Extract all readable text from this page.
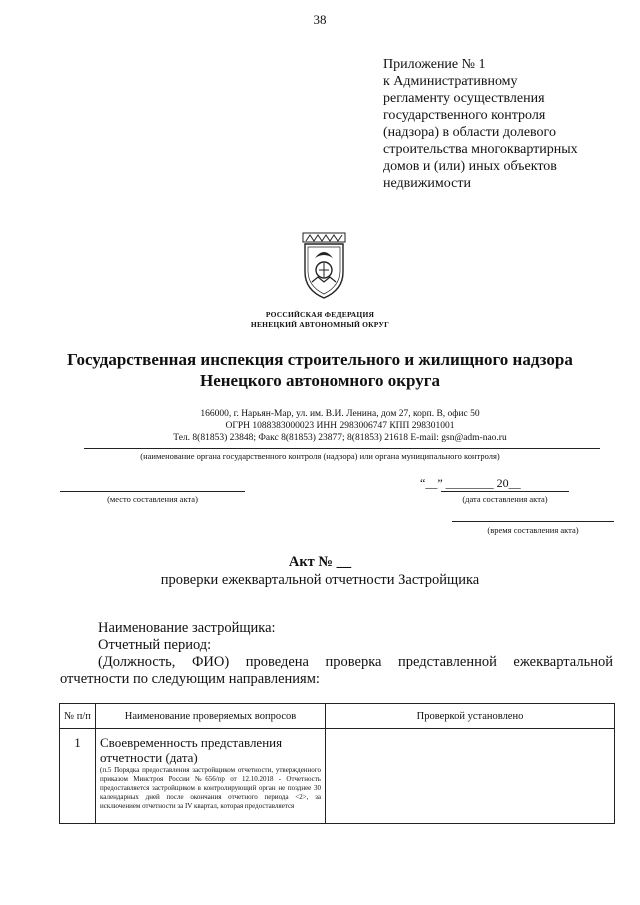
38
Приложение № 1
к Административному
регламенту осуществления
государственного контроля
(надзора) в области долевого
строительства многоквартирных
домов и (или) иных объектов
недвижимости
РОССИЙСКАЯ ФЕДЕРАЦИЯ
НЕНЕЦКИЙ АВТОНОМНЫЙ ОКРУГ
Государственная инспекция строительного и жилищного надзора
Ненецкого автономного округа
166000, г. Нарьян-Мар, ул. им. В.И. Ленина, дом 27, корп. В, офис 50
ОГРН 1088383000023 ИНН 2983006747 КПП 298301001
Тел. 8(81853) 23848; Факс 8(81853) 23877; 8(81853) 21618 E-mail: gsn@adm-nao.ru
(наименование органа государственного контроля (надзора) или органа муниципального контроля)
(место составления акта)
“__” ________ 20__
(дата составления акта)
(время составления акта)
Акт № __
проверки ежеквартальной отчетности Застройщика
Наименование застройщика:
Отчетный период:
(Должность, ФИО) проведена проверка представленной ежеквартальной
отчетности по следующим направлениям:
№ п/п	Наименование проверяемых вопросов	Проверкой установлено
1	Своевременность представления отчетности (дата)
(п.5 Порядка предоставления застройщиком отчетности, утвержденного приказом Минстроя России №656/пр от 12.10.2018 - Отчетность предоставляется застройщиком в контролирующий орган не позднее 30 календарных дней после окончания отчетного периода <2>, за исключением отчетности за IV квартал, которая предоставляется	
